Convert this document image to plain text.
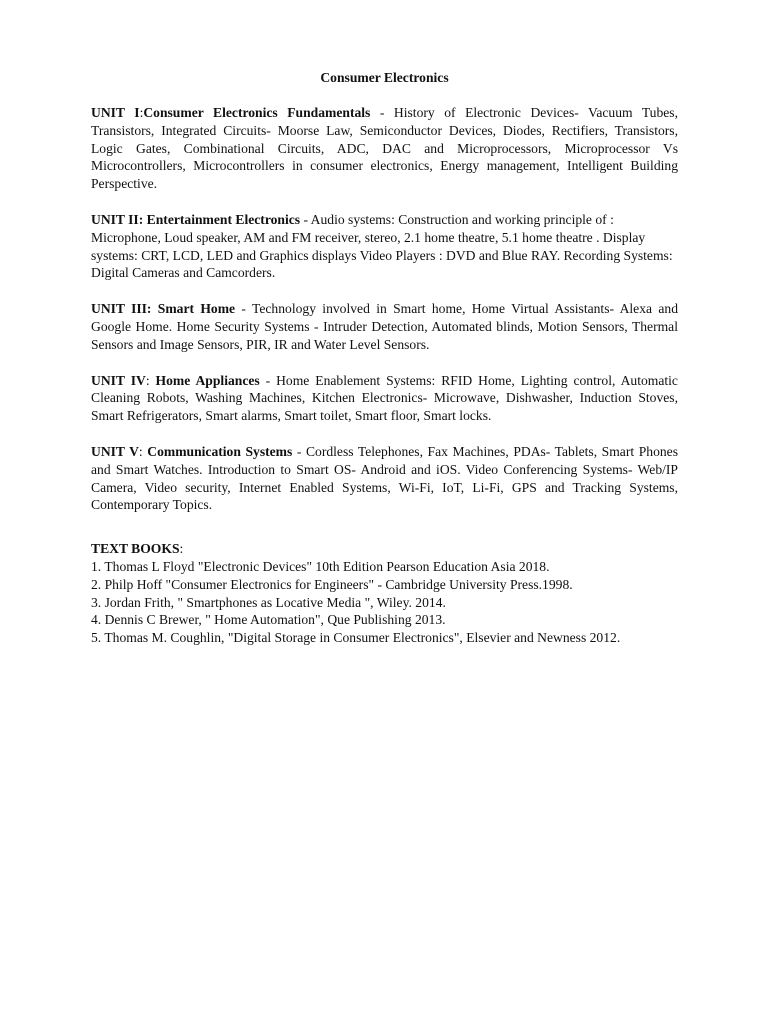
Consumer Electronics

UNIT I:Consumer Electronics Fundamentals - History of Electronic Devices- Vacuum Tubes, Transistors, Integrated Circuits- Moorse Law, Semiconductor Devices, Diodes, Rectifiers, Transistors, Logic Gates, Combinational Circuits, ADC, DAC and Microprocessors, Microprocessor Vs Microcontrollers, Microcontrollers in consumer electronics, Energy management, Intelligent Building Perspective.

UNIT II: Entertainment Electronics - Audio systems: Construction and working principle of : Microphone, Loud speaker, AM and FM receiver, stereo, 2.1 home theatre, 5.1 home theatre . Display systems: CRT, LCD, LED and Graphics displays Video Players : DVD and Blue RAY. Recording Systems: Digital Cameras and Camcorders.

UNIT III: Smart Home - Technology involved in Smart home, Home Virtual Assistants- Alexa and Google Home. Home Security Systems - Intruder Detection, Automated blinds, Motion Sensors, Thermal Sensors and Image Sensors, PIR, IR and Water Level Sensors.

UNIT IV: Home Appliances - Home Enablement Systems: RFID Home, Lighting control, Automatic Cleaning Robots, Washing Machines, Kitchen Electronics- Microwave, Dishwasher, Induction Stoves, Smart Refrigerators, Smart alarms, Smart toilet, Smart floor, Smart locks.

UNIT V: Communication Systems - Cordless Telephones, Fax Machines, PDAs- Tablets, Smart Phones and Smart Watches. Introduction to Smart OS- Android and iOS. Video Conferencing Systems- Web/IP Camera, Video security, Internet Enabled Systems, Wi-Fi, IoT, Li-Fi, GPS and Tracking Systems, Contemporary Topics.

TEXT BOOKS:

1. Thomas L Floyd "Electronic Devices" 10th Edition Pearson Education Asia 2018.
2. Philp Hoff "Consumer Electronics for Engineers" - Cambridge University Press.1998.
3. Jordan Frith, " Smartphones as Locative Media ", Wiley. 2014.
4. Dennis C Brewer, " Home Automation", Que Publishing 2013.
5. Thomas M. Coughlin, "Digital Storage in Consumer Electronics", Elsevier and Newness 2012.
